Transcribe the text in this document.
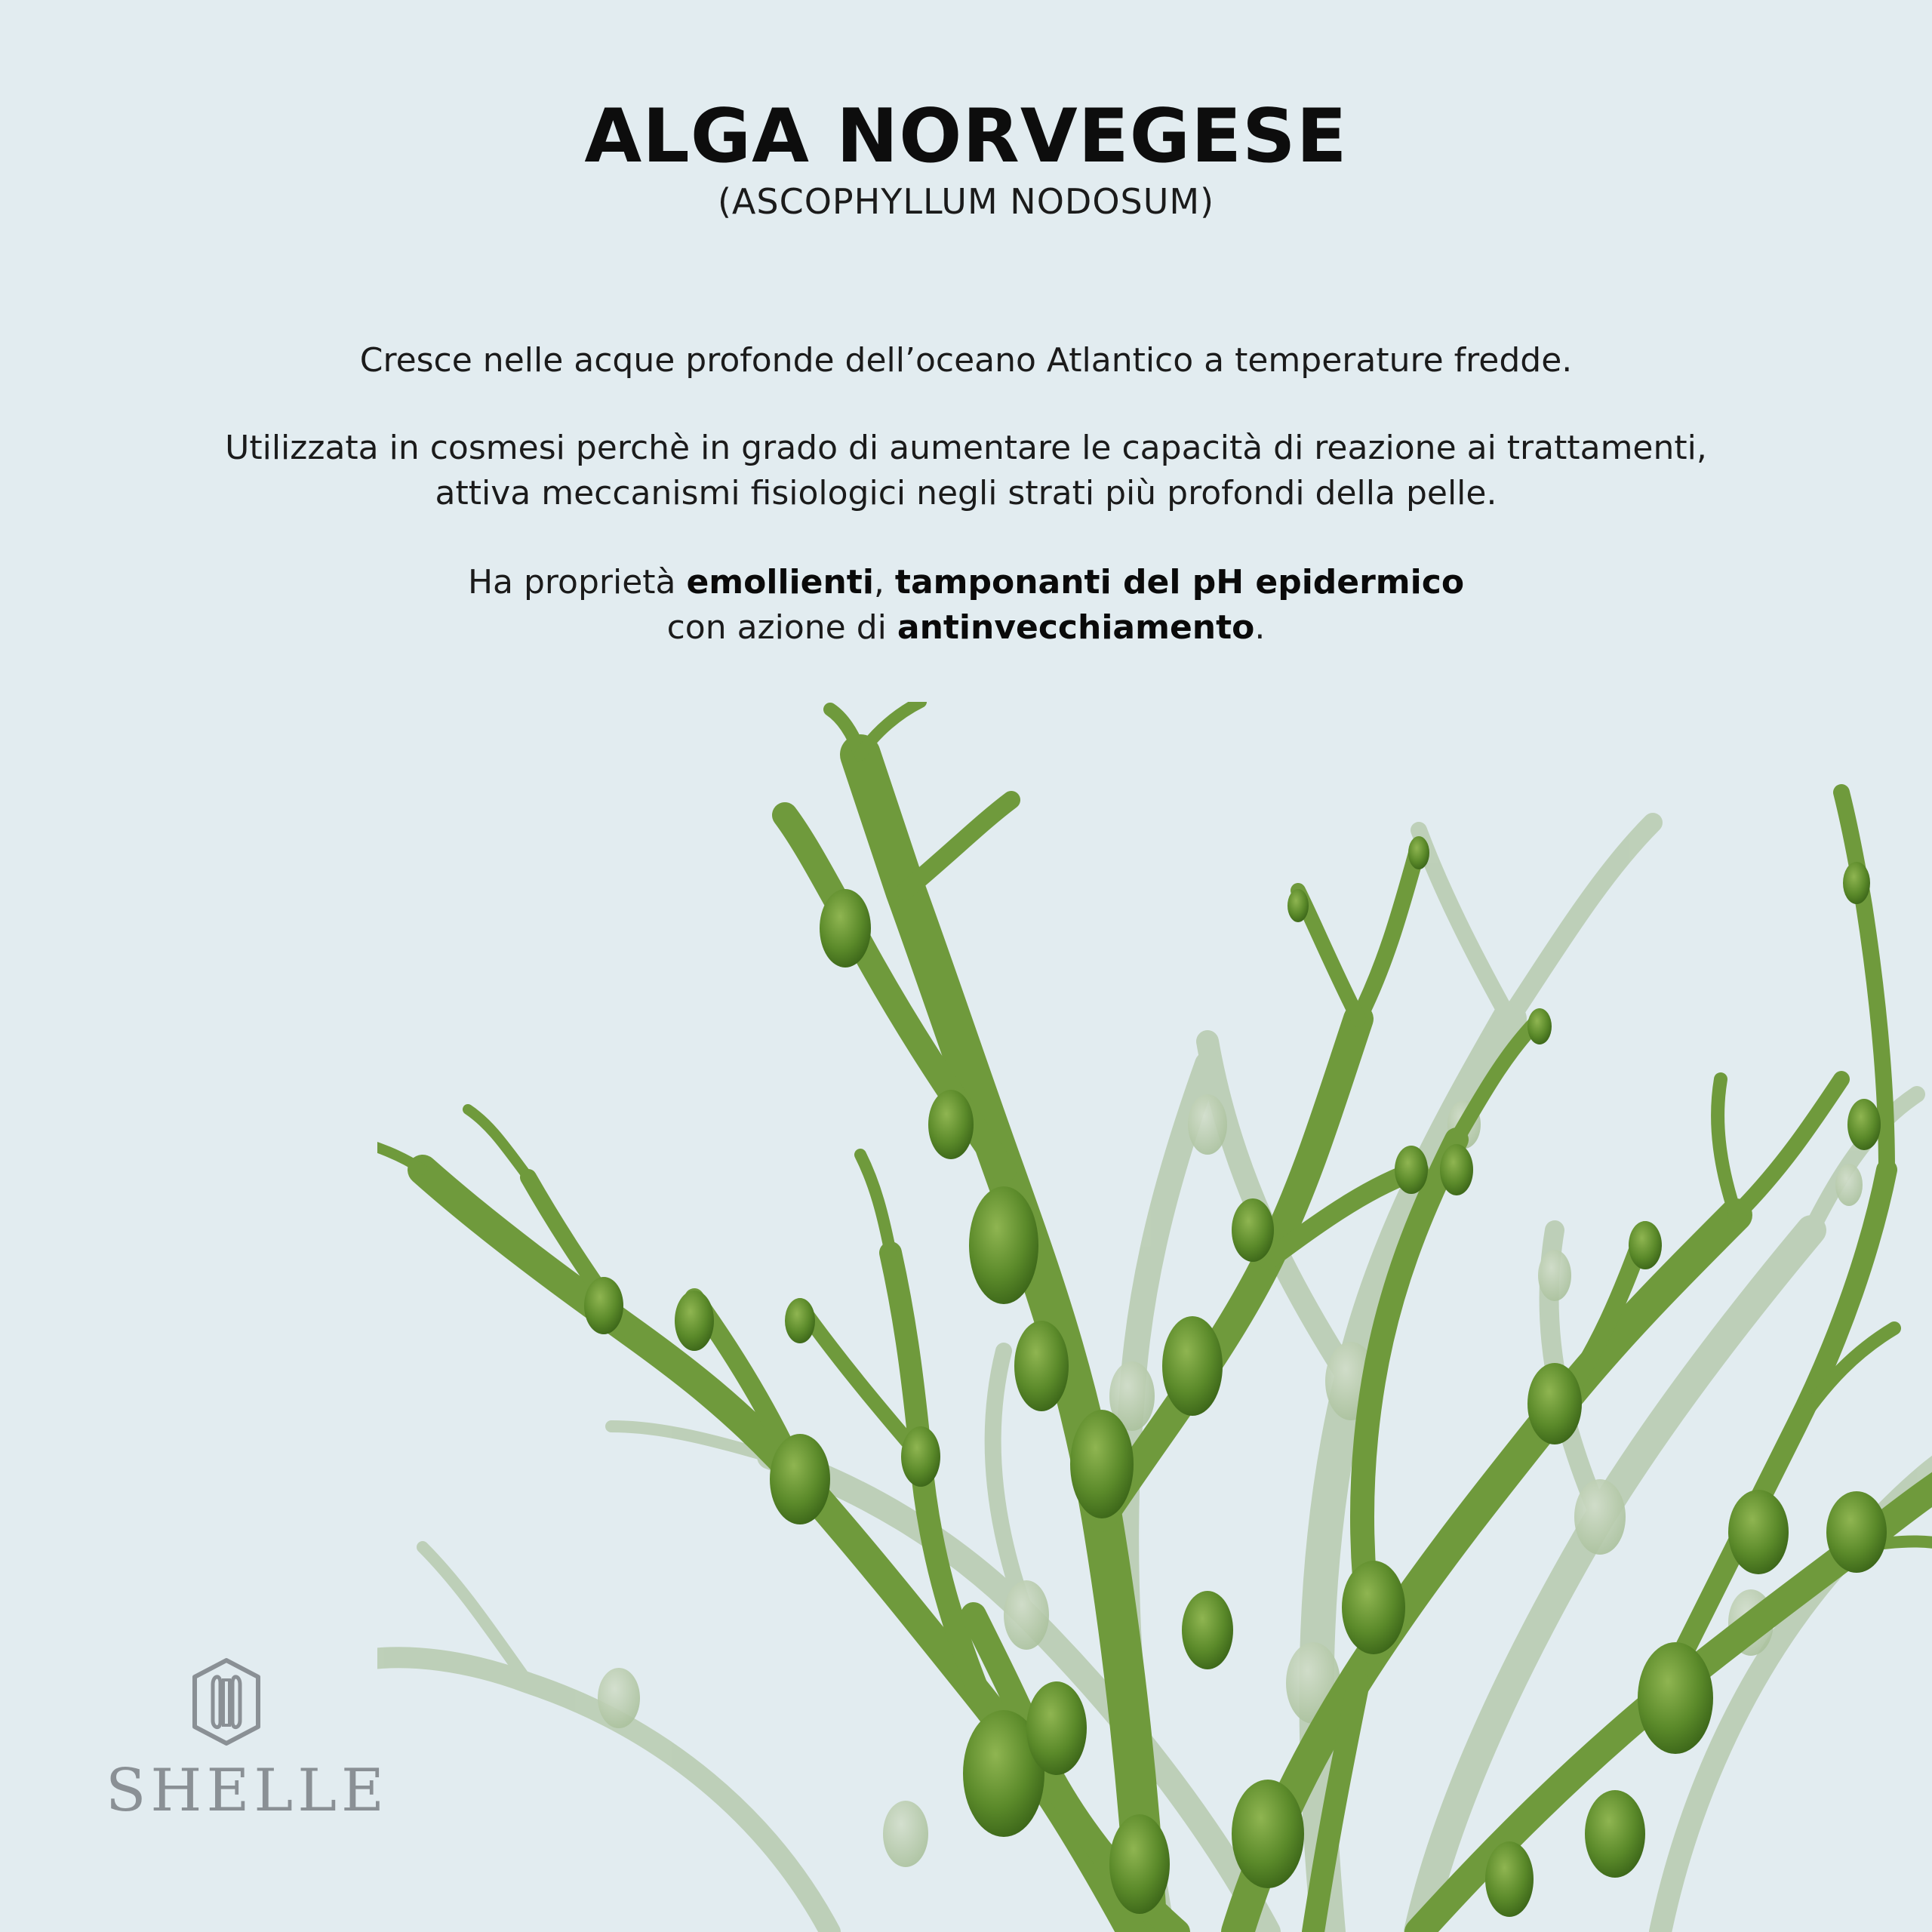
ALGA NORVEGESE
(ASCOPHYLLUM NODOSUM)
Cresce nelle acque profonde dell’oceano Atlantico a temperature fredde.
Utilizzata in cosmesi perchè in grado di aumentare le capacità di reazione ai trattamenti,
attiva meccanismi fisiologici negli strati più profondi della pelle.
Ha proprietà emollienti, tamponanti del pH epidermico
con azione di antinvecchiamento.
SHELLE
